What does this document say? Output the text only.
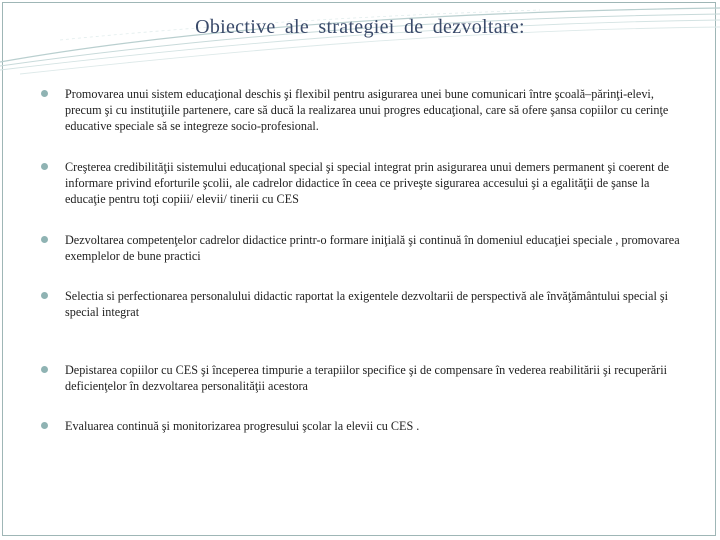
Obiective ale strategiei de dezvoltare:
Promovarea unui sistem educaţional deschis şi flexibil pentru asigurarea unei bune comunicari între şcoală–părinţi-elevi, precum şi cu instituţiile partenere, care să ducă la realizarea unui progres educaţional, care să ofere şansa copiilor cu cerinţe educative speciale să se integreze socio-profesional.
Creşterea credibilităţii sistemului educaţional special şi special integrat prin asigurarea unui demers permanent şi coerent de informare privind eforturile şcolii, ale cadrelor didactice în ceea ce priveşte sigurarea accesului şi a egalităţii de şanse la educaţie pentru toţi copiii/ elevii/ tinerii cu CES
Dezvoltarea competenţelor cadrelor didactice printr-o formare iniţială şi continuă în domeniul educaţiei speciale , promovarea exemplelor de bune practici
Selectia si perfectionarea personalului didactic raportat la exigentele dezvoltarii de perspectivă ale învăţământului special şi special integrat
Depistarea copiilor cu CES şi începerea timpurie a terapiilor specifice şi de compensare în vederea reabilitării şi recuperării deficienţelor în dezvoltarea personalităţii acestora
Evaluarea continuă şi monitorizarea progresului şcolar la elevii cu CES .
